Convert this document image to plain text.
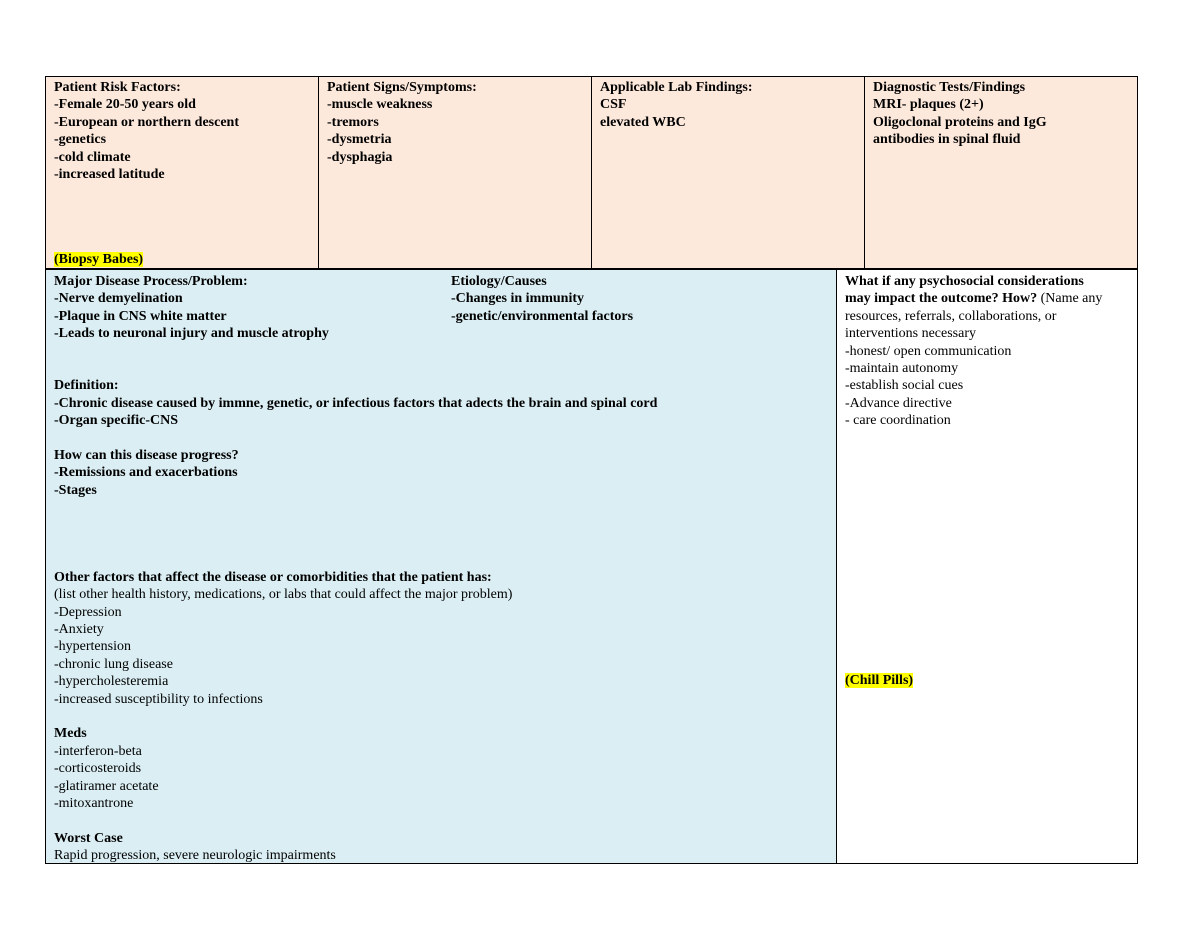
Patient Risk Factors:
-Female 20-50 years old
-European or northern descent
-genetics
-cold climate
-increased latitude
(Biopsy Babes)
Patient Signs/Symptoms:
-muscle weakness
-tremors
-dysmetria
-dysphagia
Applicable Lab Findings:
CSF
elevated WBC
Diagnostic Tests/Findings
MRI- plaques (2+)
Oligoclonal proteins and IgG
antibodies in spinal fluid
Major Disease Process/Problem:
-Nerve demyelination
-Plaque in CNS white matter
-Leads to neuronal injury and muscle atrophy
Definition:
-Chronic disease caused by immne, genetic, or infectious factors that adects the brain and spinal cord
-Organ specific-CNS
How can this disease progress?
-Remissions and exacerbations
-Stages
Other factors that affect the disease or comorbidities that the patient has:
(list other health history, medications, or labs that could affect the major problem)
-Depression
-Anxiety
-hypertension
-chronic lung disease
-hypercholesteremia
-increased susceptibility to infections
Meds
-interferon-beta
-corticosteroids
-glatiramer acetate
-mitoxantrone
Worst Case
Rapid progression, severe neurologic impairments
Etiology/Causes
-Changes in immunity
-genetic/environmental factors
What if any psychosocial considerations
may impact the outcome? How? (Name any
resources, referrals, collaborations, or
interventions necessary
-honest/ open communication
-maintain autonomy
-establish social cues
-Advance directive
- care coordination
(Chill Pills)
